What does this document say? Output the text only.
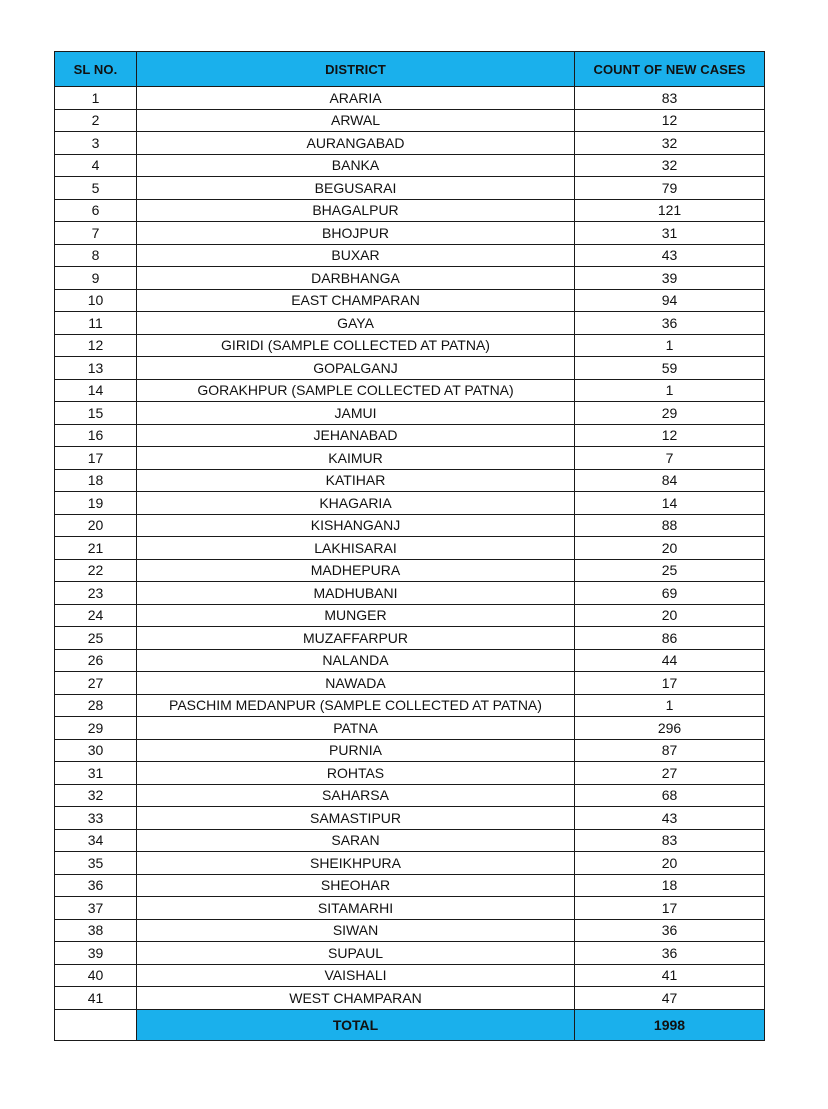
SL NO.	DISTRICT	COUNT OF NEW CASES
1	ARARIA	83
2	ARWAL	12
3	AURANGABAD	32
4	BANKA	32
5	BEGUSARAI	79
6	BHAGALPUR	121
7	BHOJPUR	31
8	BUXAR	43
9	DARBHANGA	39
10	EAST CHAMPARAN	94
11	GAYA	36
12	GIRIDI (SAMPLE COLLECTED AT PATNA)	1
13	GOPALGANJ	59
14	GORAKHPUR (SAMPLE COLLECTED AT PATNA)	1
15	JAMUI	29
16	JEHANABAD	12
17	KAIMUR	7
18	KATIHAR	84
19	KHAGARIA	14
20	KISHANGANJ	88
21	LAKHISARAI	20
22	MADHEPURA	25
23	MADHUBANI	69
24	MUNGER	20
25	MUZAFFARPUR	86
26	NALANDA	44
27	NAWADA	17
28	PASCHIM MEDANPUR (SAMPLE COLLECTED AT PATNA)	1
29	PATNA	296
30	PURNIA	87
31	ROHTAS	27
32	SAHARSA	68
33	SAMASTIPUR	43
34	SARAN	83
35	SHEIKHPURA	20
36	SHEOHAR	18
37	SITAMARHI	17
38	SIWAN	36
39	SUPAUL	36
40	VAISHALI	41
41	WEST CHAMPARAN	47
	TOTAL	1998
